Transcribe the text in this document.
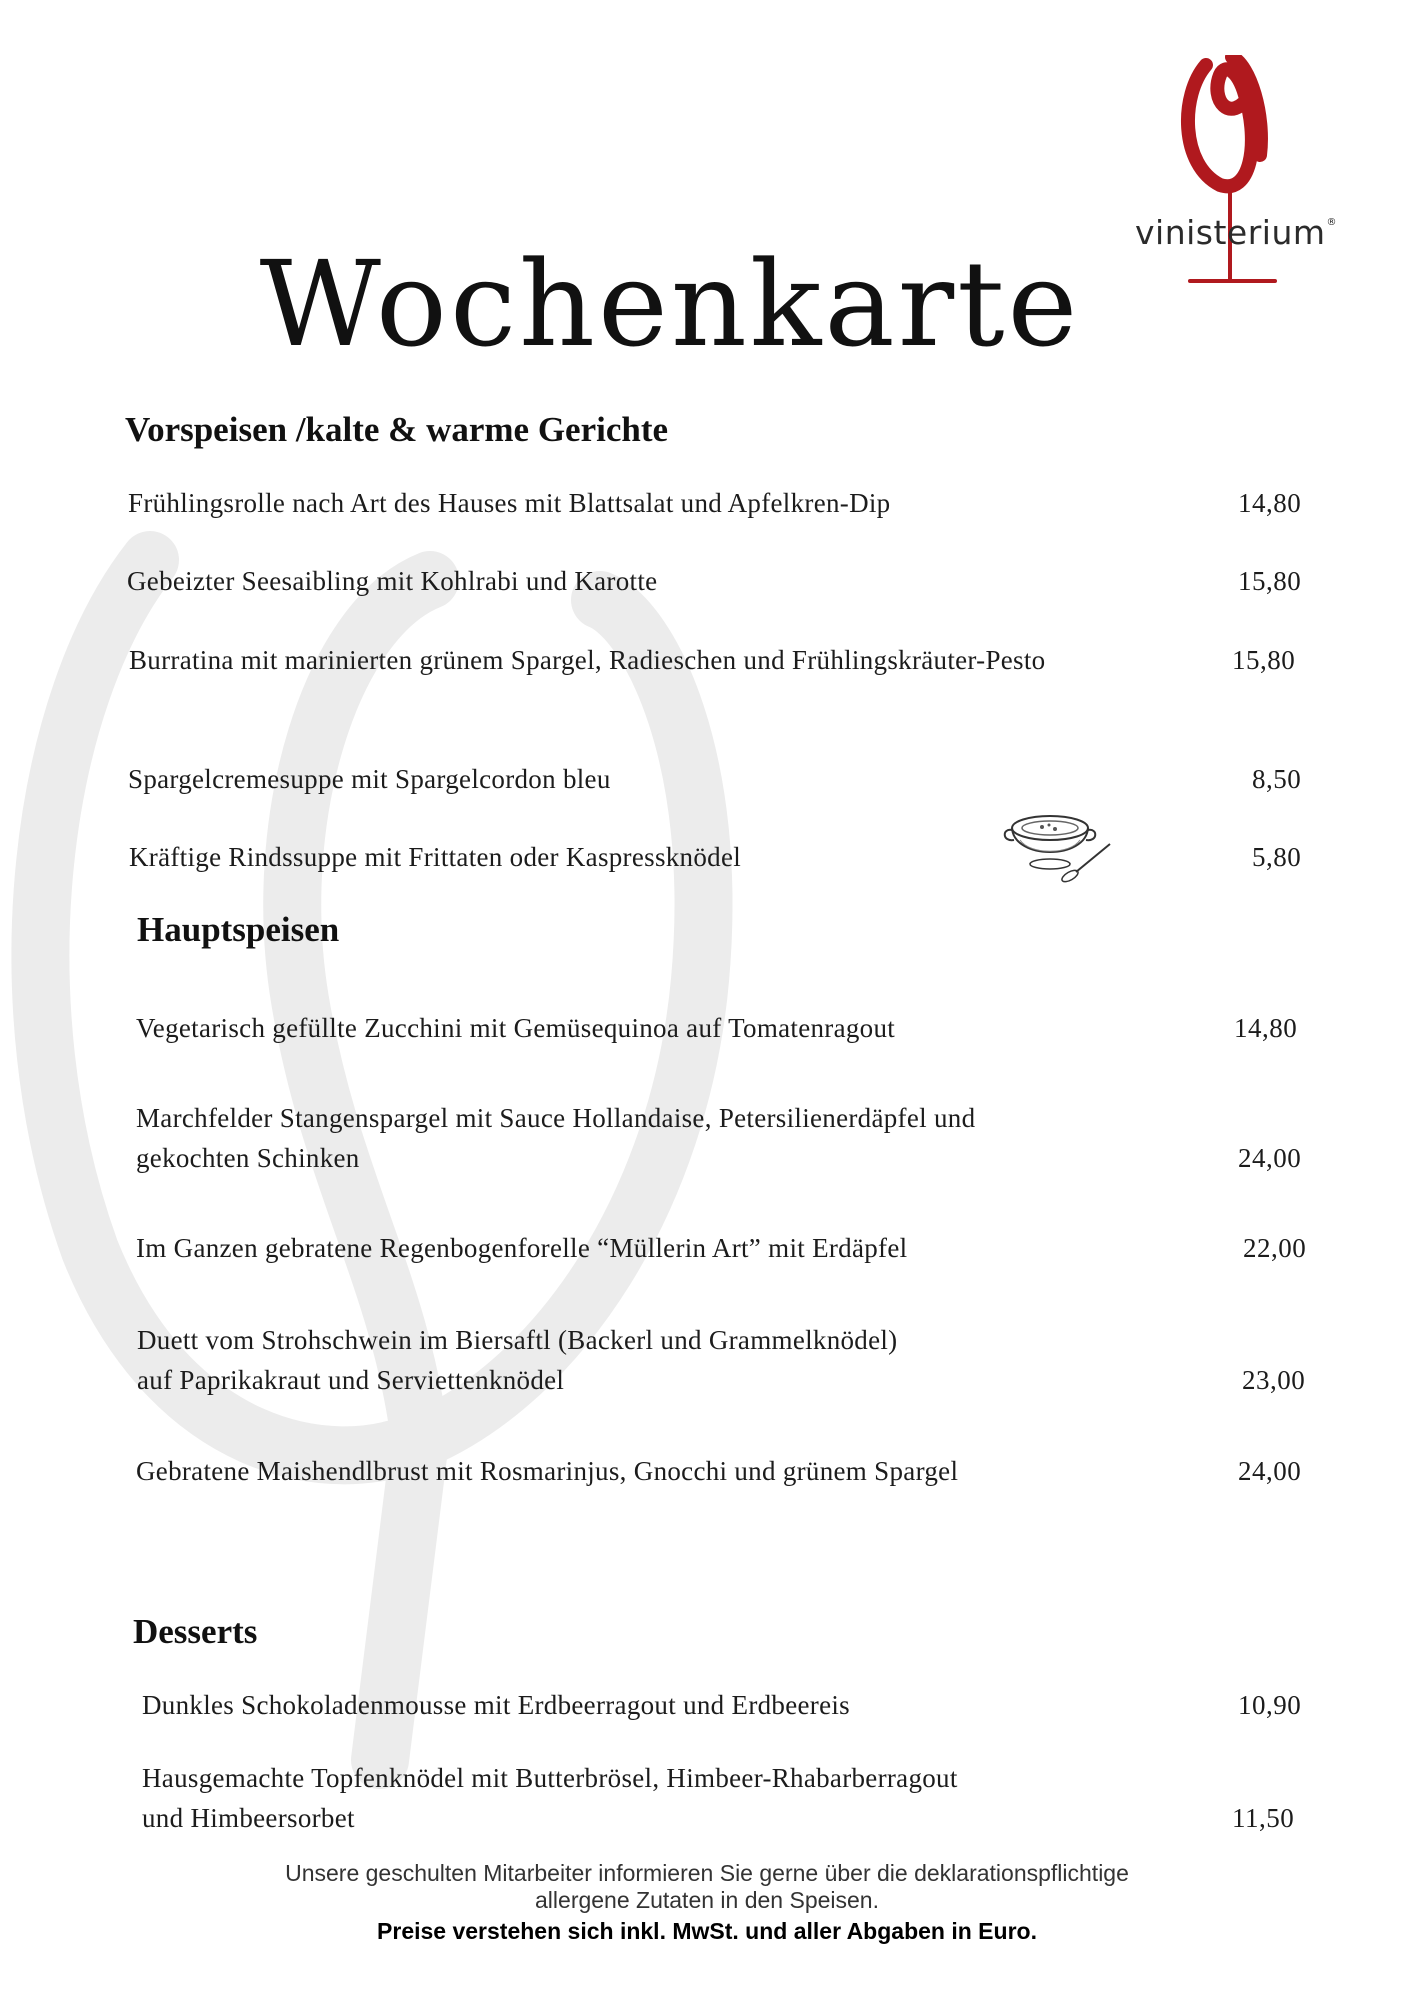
vinisterium®
Wochenkarte
Vorspeisen /kalte & warme Gerichte
Frühlingsrolle nach Art des Hauses mit Blattsalat und Apfelkren-Dip	14,80
Gebeizter Seesaibling mit Kohlrabi und Karotte	15,80
Burratina mit marinierten grünem Spargel, Radieschen und Frühlingskräuter-Pesto	15,80
Spargelcremesuppe mit Spargelcordon bleu	8,50
Kräftige Rindssuppe mit Frittaten oder Kaspressknödel	5,80
Hauptspeisen
Vegetarisch gefüllte Zucchini mit Gemüsequinoa auf Tomatenragout	14,80
Marchfelder Stangenspargel mit Sauce Hollandaise, Petersilienerdäpfel und
gekochten Schinken	24,00
Im Ganzen gebratene Regenbogenforelle “Müllerin Art” mit Erdäpfel	22,00
Duett vom Strohschwein im Biersaftl (Backerl und Grammelknödel)
auf Paprikakraut und Serviettenknödel	23,00
Gebratene Maishendlbrust mit Rosmarinjus, Gnocchi und grünem Spargel	24,00
Desserts
Dunkles Schokoladenmousse mit Erdbeerragout und Erdbeereis	10,90
Hausgemachte Topfenknödel mit Butterbrösel, Himbeer-Rhabarberragout
und Himbeersorbet	11,50
Unsere geschulten Mitarbeiter informieren Sie gerne über die deklarationspflichtige
allergene Zutaten in den Speisen.
Preise verstehen sich inkl. MwSt. und aller Abgaben in Euro.
